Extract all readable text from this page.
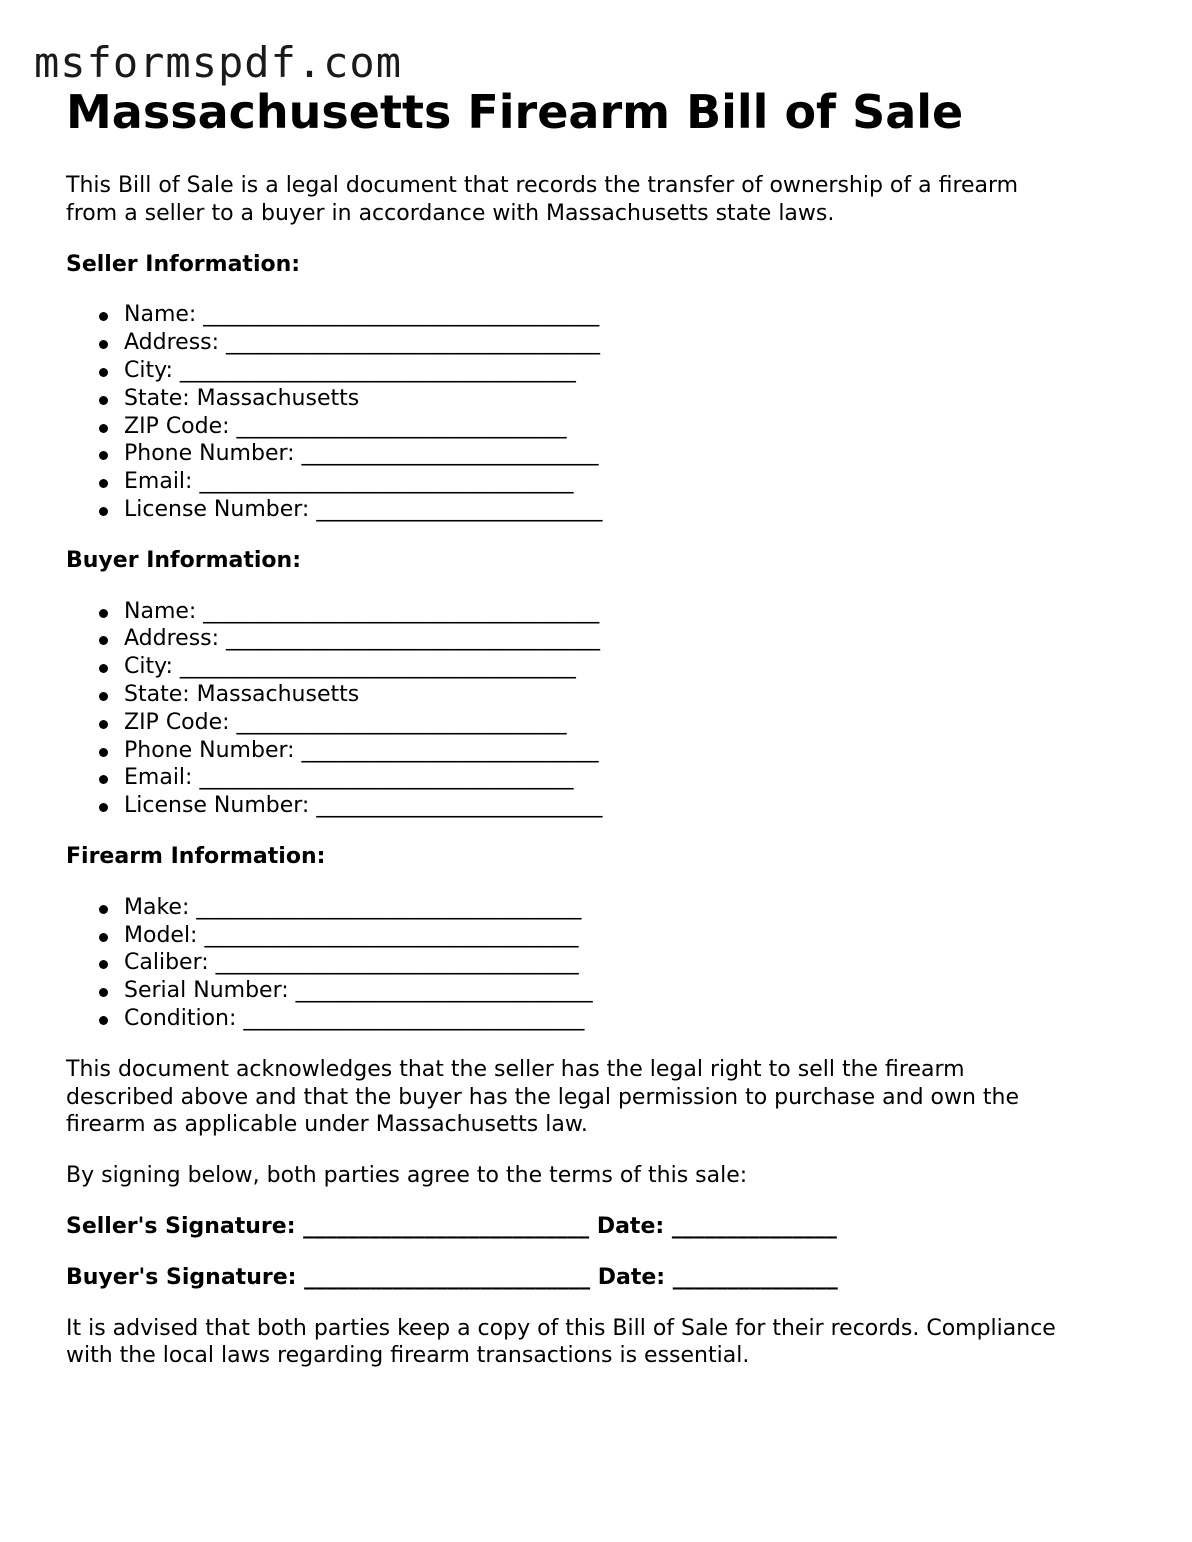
msformspdf.com
Massachusetts Firearm Bill of Sale

This Bill of Sale is a legal document that records the transfer of ownership of a firearm
from a seller to a buyer in accordance with Massachusetts state laws.

Seller Information:

Name: ____________________________________
Address: __________________________________
City: ____________________________________
State: Massachusetts
ZIP Code: ______________________________
Phone Number: ___________________________
Email: __________________________________
License Number: __________________________

Buyer Information:

Name: ____________________________________
Address: __________________________________
City: ____________________________________
State: Massachusetts
ZIP Code: ______________________________
Phone Number: ___________________________
Email: __________________________________
License Number: __________________________

Firearm Information:

Make: ___________________________________
Model: __________________________________
Caliber: _________________________________
Serial Number: ___________________________
Condition: _______________________________

This document acknowledges that the seller has the legal right to sell the firearm
described above and that the buyer has the legal permission to purchase and own the
firearm as applicable under Massachusetts law.

By signing below, both parties agree to the terms of this sale:

Seller's Signature: __________________________ Date: _______________

Buyer's Signature: __________________________ Date: _______________

It is advised that both parties keep a copy of this Bill of Sale for their records. Compliance
with the local laws regarding firearm transactions is essential.
